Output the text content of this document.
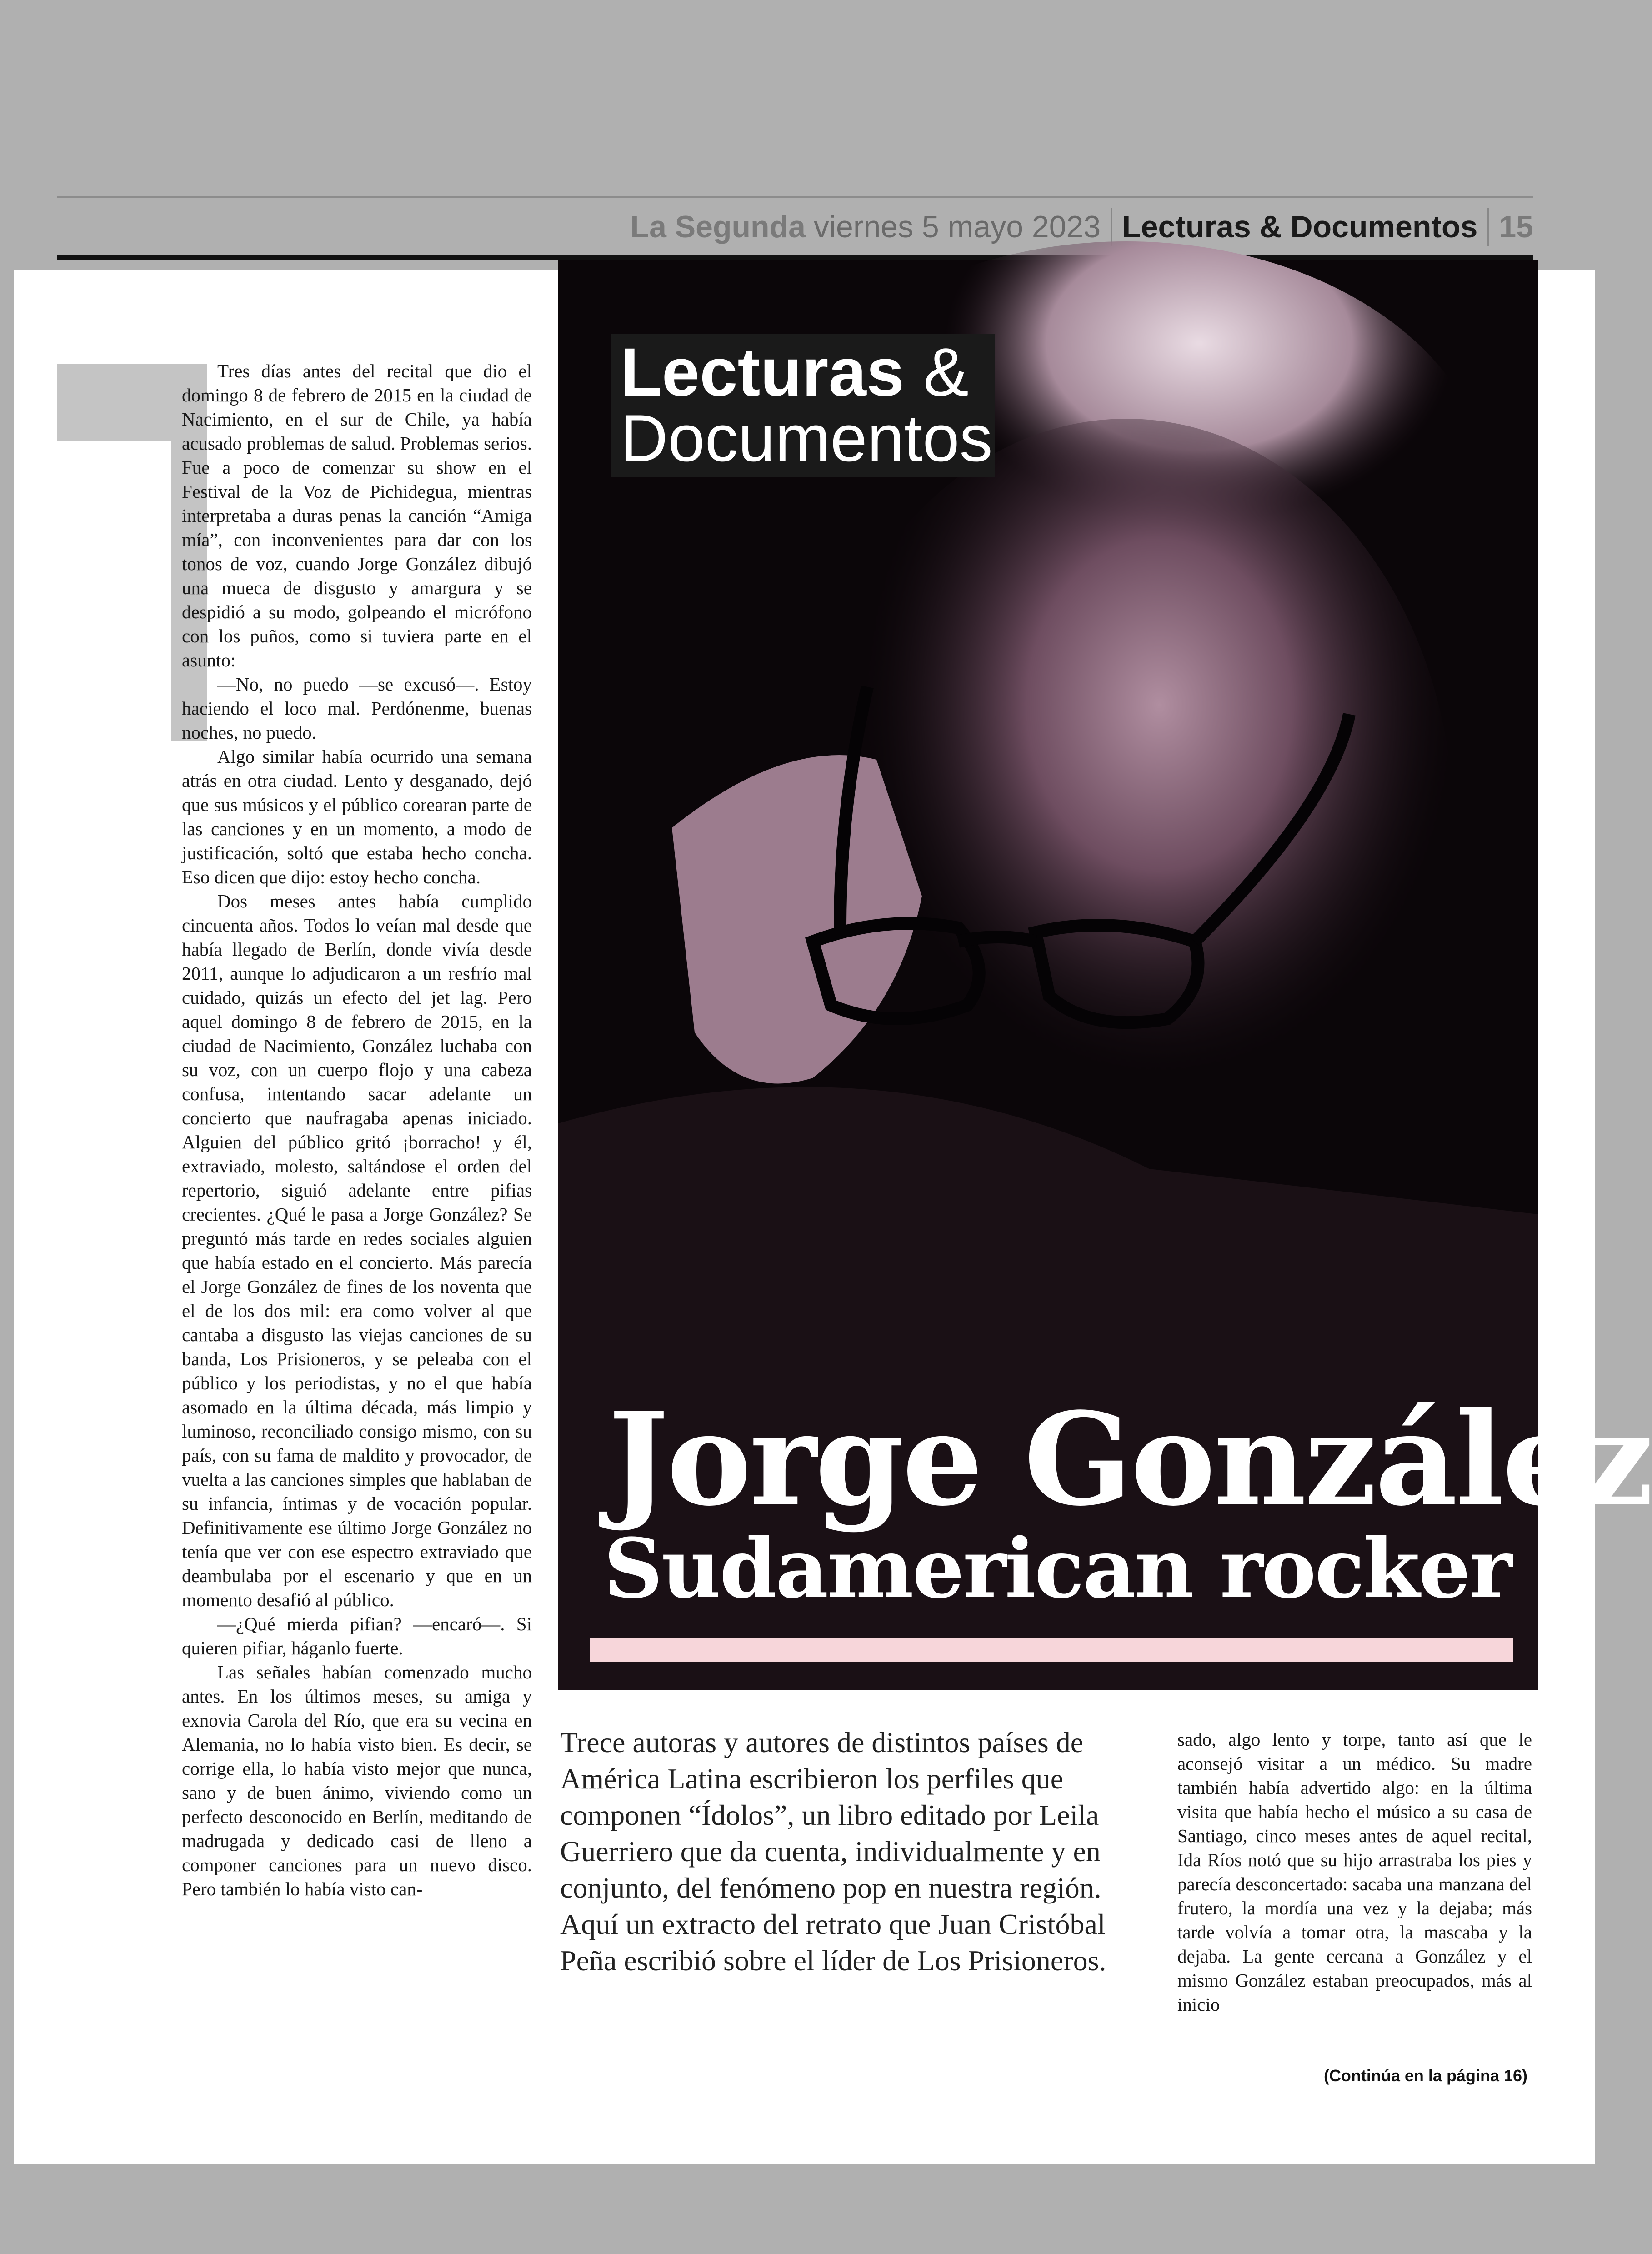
La Segunda viernes 5 mayo 2023 Lecturas & Documentos 15

Tres días antes del recital que dio el domingo 8 de febrero de 2015 en la ciudad de Nacimiento, en el sur de Chile, ya había acusado problemas de salud. Problemas serios. Fue a poco de comenzar su show en el Festival de la Voz de Pichidegua, mientras interpretaba a duras penas la canción “Amiga mía”, con inconvenientes para dar con los tonos de voz, cuando Jorge González dibujó una mueca de disgusto y amargura y se despidió a su modo, golpeando el micrófono con los puños, como si tuviera parte en el asunto:

—No, no puedo —se excusó—. Estoy haciendo el loco mal. Perdónenme, buenas noches, no puedo.

Algo similar había ocurrido una semana atrás en otra ciudad. Lento y desganado, dejó que sus músicos y el público corearan parte de las canciones y en un momento, a modo de justificación, soltó que estaba hecho concha. Eso dicen que dijo: estoy hecho concha.

Dos meses antes había cumplido cincuenta años. Todos lo veían mal desde que había llegado de Berlín, donde vivía desde 2011, aunque lo adjudicaron a un resfrío mal cuidado, quizás un efecto del jet lag. Pero aquel domingo 8 de febrero de 2015, en la ciudad de Nacimiento, González luchaba con su voz, con un cuerpo flojo y una cabeza confusa, intentando sacar adelante un concierto que naufragaba apenas iniciado. Alguien del público gritó ¡borracho! y él, extraviado, molesto, saltándose el orden del repertorio, siguió adelante entre pifias crecientes. ¿Qué le pasa a Jorge González? Se preguntó más tarde en redes sociales alguien que había estado en el concierto. Más parecía el Jorge González de fines de los noventa que el de los dos mil: era como volver al que cantaba a disgusto las viejas canciones de su banda, Los Prisioneros, y se peleaba con el público y los periodistas, y no el que había asomado en la última década, más limpio y luminoso, reconciliado consigo mismo, con su país, con su fama de maldito y provocador, de vuelta a las canciones simples que hablaban de su infancia, íntimas y de vocación popular. Definitivamente ese último Jorge González no tenía que ver con ese espectro extraviado que deambulaba por el escenario y que en un momento desafió al público.

—¿Qué mierda pifian? —encaró—. Si quieren pifiar, háganlo fuerte.

Las señales habían comenzado mucho antes. En los últimos meses, su amiga y exnovia Carola del Río, que era su vecina en Alemania, no lo había visto bien. Es decir, se corrige ella, lo había visto mejor que nunca, sano y de buen ánimo, viviendo como un perfecto desconocido en Berlín, meditando de madrugada y dedicado casi de lleno a componer canciones para un nuevo disco. Pero también lo había visto can-

Lecturas &
Documentos
Jorge González
Sudamerican rocker

Trece autoras y autores de distintos países de América Latina escribieron los perfiles que componen “Ídolos”, un libro editado por Leila Guerriero que da cuenta, individualmente y en conjunto, del fenómeno pop en nuestra región. Aquí un extracto del retrato que Juan Cristóbal Peña escribió sobre el líder de Los Prisioneros.

sado, algo lento y torpe, tanto así que le aconsejó visitar a un médico. Su madre también había advertido algo: en la última visita que había hecho el músico a su casa de Santiago, cinco meses antes de aquel recital, Ida Ríos notó que su hijo arrastraba los pies y parecía desconcertado: sacaba una manzana del frutero, la mordía una vez y la dejaba; más tarde volvía a tomar otra, la mascaba y la dejaba. La gente cercana a González y el mismo González estaban preocupados, más al inicio

(Continúa en la página 16)
